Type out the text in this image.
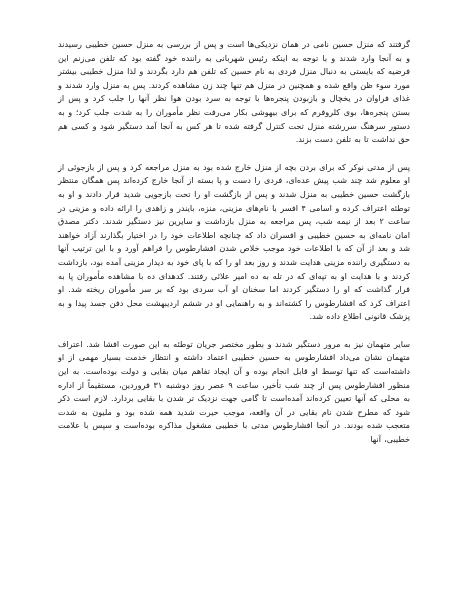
گرفتند که منزل حسین نامی در همان نزدیکی‌ها است و پس از بررسی به منزل حسین خطیبی رسیدند و به آنجا وارد شدند و با توجه به اینکه رئیس شهربانی به راننده خود گفته بود که تلفن می‌زنم این فرضیه که بایستی به دنبال منزل فردی به نام حسین که تلفن هم دارد بگردند و لذا منزل خطیبی بیشتر مورد سوء ظن واقع شده و همچنین در منزل هم تنها چند زن مشاهده کردند. پس به منزل وارد شدند و غذای فراوان در یخچال و بازبودن پنجره‌ها با توجه به سرد بودن هوا نظر آنها را جلب کرد و پس از بستن پنجره‌ها، بوی کلروفرم که برای بیهوشی بکار می‌رفت نظر مأموران را به شدت جلب کرد؛ و به دستور سرهنگ سررشته منزل تحت کنترل گرفته شده تا هر کس به آنجا آمد دستگیر شود و کسی هم حق نداشت تا به تلفن دست بزند.

پس از مدتی نوکر که برای بردن بچه از منزل خارج شده بود به منزل مراجعه کرد و پس از بازجوئی از او معلوم شد چند شب پیش عده‌ای، فردی را دست و پا بسته از آنجا خارج کرده‌اند پس همگان منتظر بازگشت حسین خطیبی به منزل شدند و پس از بازگشت او را تحت بازجویی شدید قرار دادند و او به توطئه اعتراف کرده و اسامی ۴ افسر با نام‌های مزینی، منزه، بایندر و زاهدی را ارائه داده و مزینی در ساعت ۲ بعد از نیمه شب، پس مراجعه به منزل بازداشت و سایرین نیز دستگیر شدند. دکتر مصدق امان نامه‌ای به حسین خطیبی و افسران داد که چنانچه اطلاعات خود را در اختیار بگذارند آزاد خواهند شد و بعد از آن که با اطلاعات خود موجب خلاص شدن افشارطوس را فراهم آورد و با این ترتیب آنها به دستگیری راننده مزینی هدایت شدند و روز بعد او را که با پای خود به دیدار مزینی آمده بود، بازداشت کردند و با هدایت او به تپه‌ای که در تله به ده امیر علائی رفتند. کدهدای ده با مشاهده مأموران پا به فرار گذاشت که او را دستگیر کردند اما سخنان او آب سردی بود که بر سر مأموران ریخته شد. او اعتراف کرد که افشارطوس را کشته‌اند و به راهنمایی او در ششم اردیبهشت محل دفن جسد پیدا و به پزشک قانونی اطلاع داده شد.

سایر متهمان نیز به مرور دستگیر شدند و بطور مختصر جریان توطئه به این صورت افشا شد. اعتراف متهمان نشان می‌داد افشارطوس به حسین خطیبی اعتماد داشته و انتظار خدمت بسیار مهمی از او داشته‌است که تنها توسط او قابل انجام بوده و آن ایجاد تفاهم میان بقایی و دولت بوده‌است. به این منظور افشارطوس پس از چند شب تأخیر، ساعت ۹ عصر روز دوشنبه ۳۱ فروردین، مستقیماً از اداره به محلی که آنها تعیین کرده‌اند آمده‌است تا گامی جهت نزدیک تر شدن با بقایی بردارد. لازم است ذکر شود که مطرح شدن نام بقایی در آن واقعه، موجب حیرت شدید همه شده بود و ملیون به شدت متعجب شده بودند. در آنجا افشارطوس مدتی با خطیبی مشغول مذاکره بوده‌است و سپس با علامت خطیبی، آنها
